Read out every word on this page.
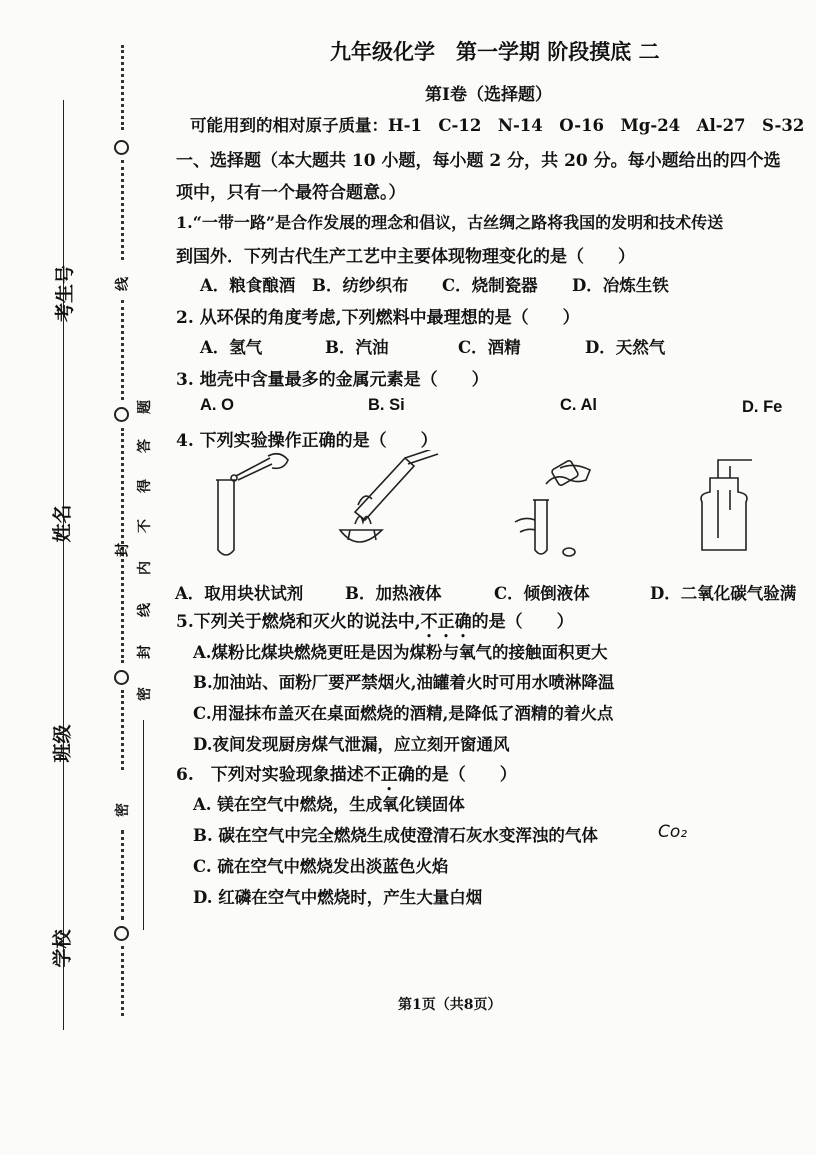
考生号
姓名
班级
学校
线
密
题
答
得
不
内
封
线
封
密
九年级化学　第一学期 阶段摸底 二
第Ⅰ卷（选择题）
可能用到的相对原子质量：H-1　C-12　N-14　O-16　Mg-24　Al-27　S-32
一、选择题（本大题共 10 小题，每小题 2 分，共 20 分。每小题给出的四个选
项中，只有一个最符合题意。）
1.“一带一路”是合作发展的理念和倡议，古丝绸之路将我国的发明和技术传送
到国外．下列古代生产工艺中主要体现物理变化的是（　　）
A．粮食酿酒 B．纺纱织布 C．烧制瓷器 D．冶炼生铁
2. 从环保的角度考虑,下列燃料中最理想的是（　　）
A．氢气	B．汽油	C．酒精	D．天然气
3. 地壳中含量最多的金属元素是（　　）
A. O	B. Si	C. Al	D. Fe
4. 下列实验操作正确的是（　　）
A．取用块状试剂	B．加热液体	C．倾倒液体	D．二氧化碳气验满
5.下列关于燃烧和灭火的说法中,不正确的是（　　）
A.煤粉比煤块燃烧更旺是因为煤粉与氧气的接触面积更大
B.加油站、面粉厂要严禁烟火,油罐着火时可用水喷淋降温
C.用湿抹布盖灭在桌面燃烧的酒精,是降低了酒精的着火点
D.夜间发现厨房煤气泄漏，应立刻开窗通风
6.　下列对实验现象描述不正确的是（　　）
A. 镁在空气中燃烧，生成氧化镁固体
B. 碳在空气中完全燃烧生成使澄清石灰水变浑浊的气体	Co₂
C. 硫在空气中燃烧发出淡蓝色火焰
D. 红磷在空气中燃烧时，产生大量白烟
第1页（共8页）
